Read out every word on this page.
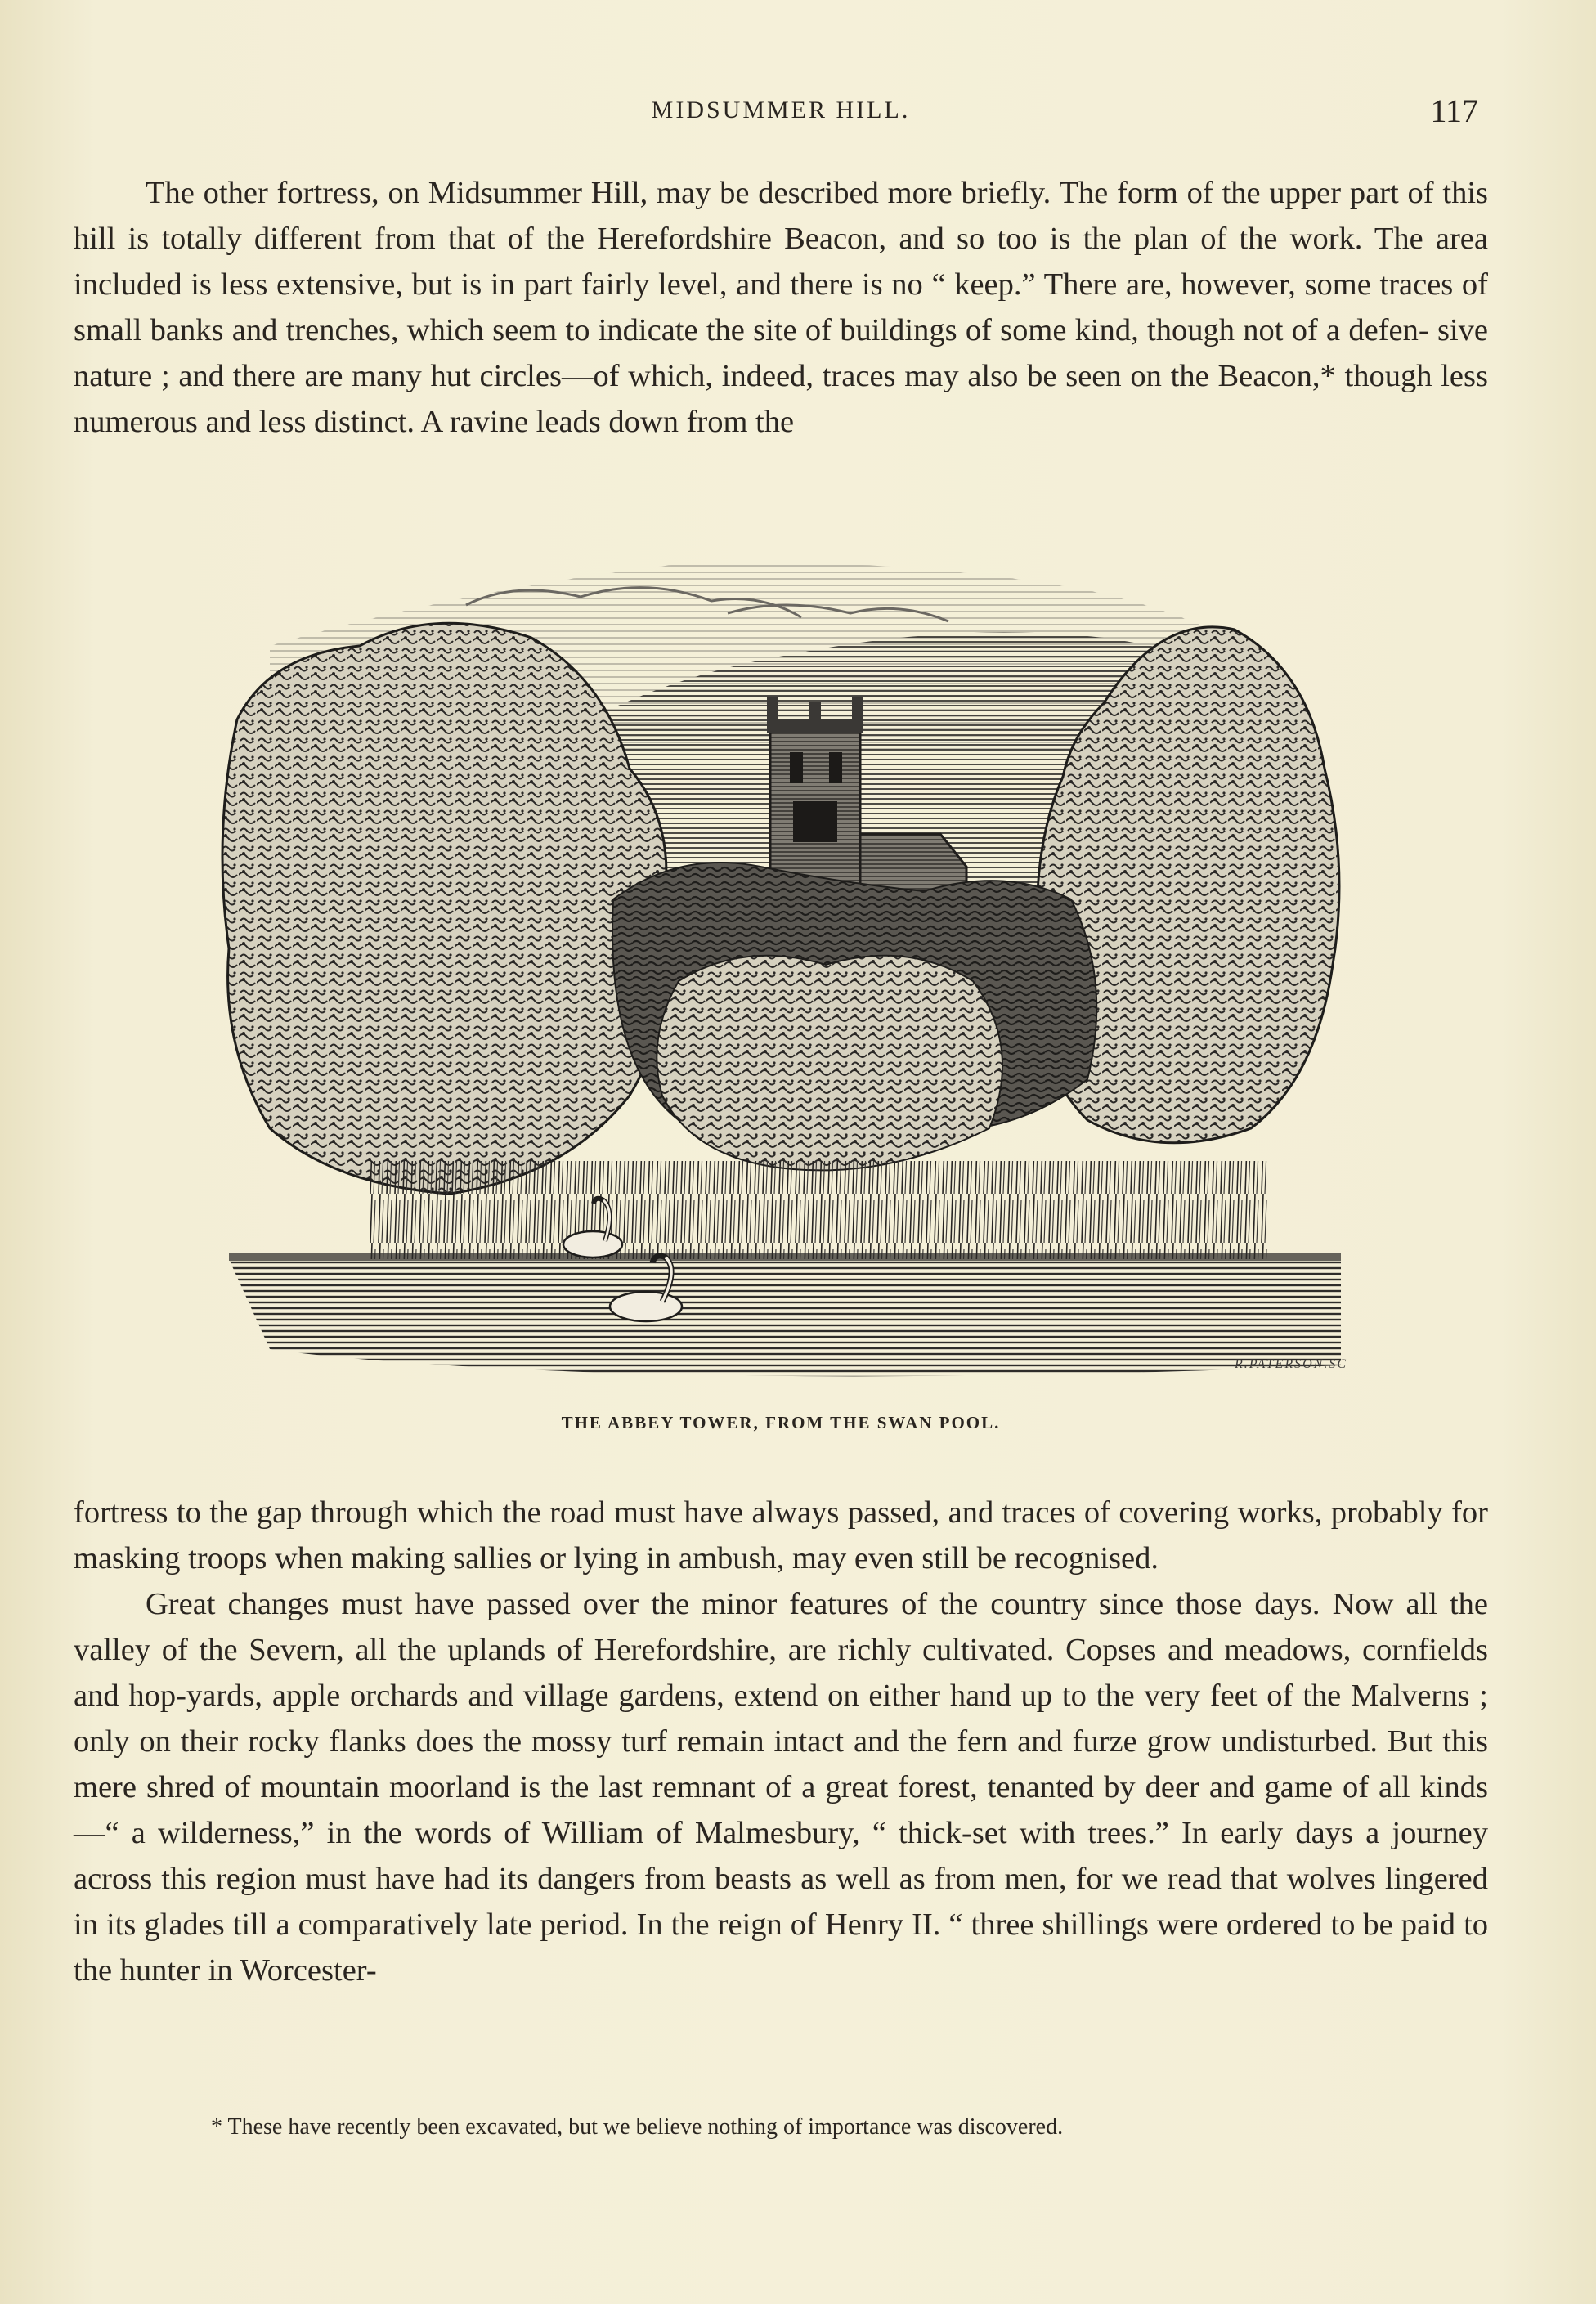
MIDSUMMER HILL.	117

The other fortress, on Midsummer Hill, may be described more briefly. The form of the upper part of this hill is totally different from that of the Herefordshire Beacon, and so too is the plan of the work. The area included is less extensive, but is in part fairly level, and there is no “ keep.” There are, however, some traces of small banks and trenches, which seem to indicate the site of buildings of some kind, though not of a defen- sive nature ; and there are many hut circles—of which, indeed, traces may also be seen on the Beacon,* though less numerous and less distinct. A ravine leads down from the

R.PATERSON.SC
THE ABBEY TOWER, FROM THE SWAN POOL.

fortress to the gap through which the road must have always passed, and traces of covering works, probably for masking troops when making sallies or lying in ambush, may even still be recognised.

Great changes must have passed over the minor features of the country since those days. Now all the valley of the Severn, all the uplands of Herefordshire, are richly cultivated. Copses and meadows, cornfields and hop-yards, apple orchards and village gardens, extend on either hand up to the very feet of the Malverns ; only on their rocky flanks does the mossy turf remain intact and the fern and furze grow undisturbed. But this mere shred of mountain moorland is the last remnant of a great forest, tenanted by deer and game of all kinds—“ a wilderness,” in the words of William of Malmesbury, “ thick-set with trees.” In early days a journey across this region must have had its dangers from beasts as well as from men, for we read that wolves lingered in its glades till a comparatively late period. In the reign of Henry II. “ three shillings were ordered to be paid to the hunter in Worcester-

* These have recently been excavated, but we believe nothing of importance was discovered.
